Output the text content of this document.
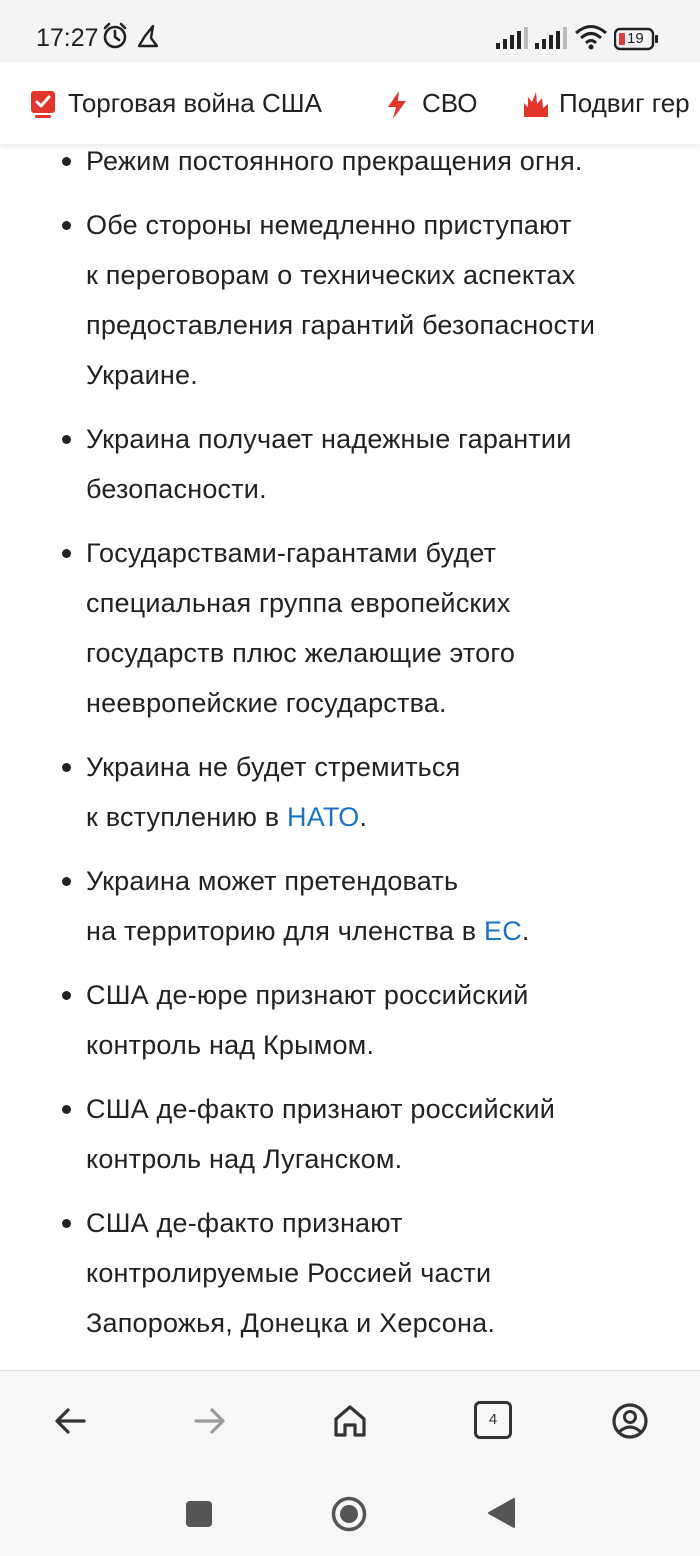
17:27	19
Торговая война США	СВО	Подвиг гер
Режим постоянного прекращения огня.
Обе стороны немедленно приступают
к переговорам о технических аспектах
предоставления гарантий безопасности
Украине.
Украина получает надежные гарантии
безопасности.
Государствами-гарантами будет
специальная группа европейских
государств плюс желающие этого
неевропейские государства.
Украина не будет стремиться
к вступлению в НАТО.
Украина может претендовать
на территорию для членства в ЕС.
США де-юре признают российский
контроль над Крымом.
США де-факто признают российский
контроль над Луганском.
США де-факто признают
контролируемые Россией части
Запорожья, Донецка и Херсона.
4
